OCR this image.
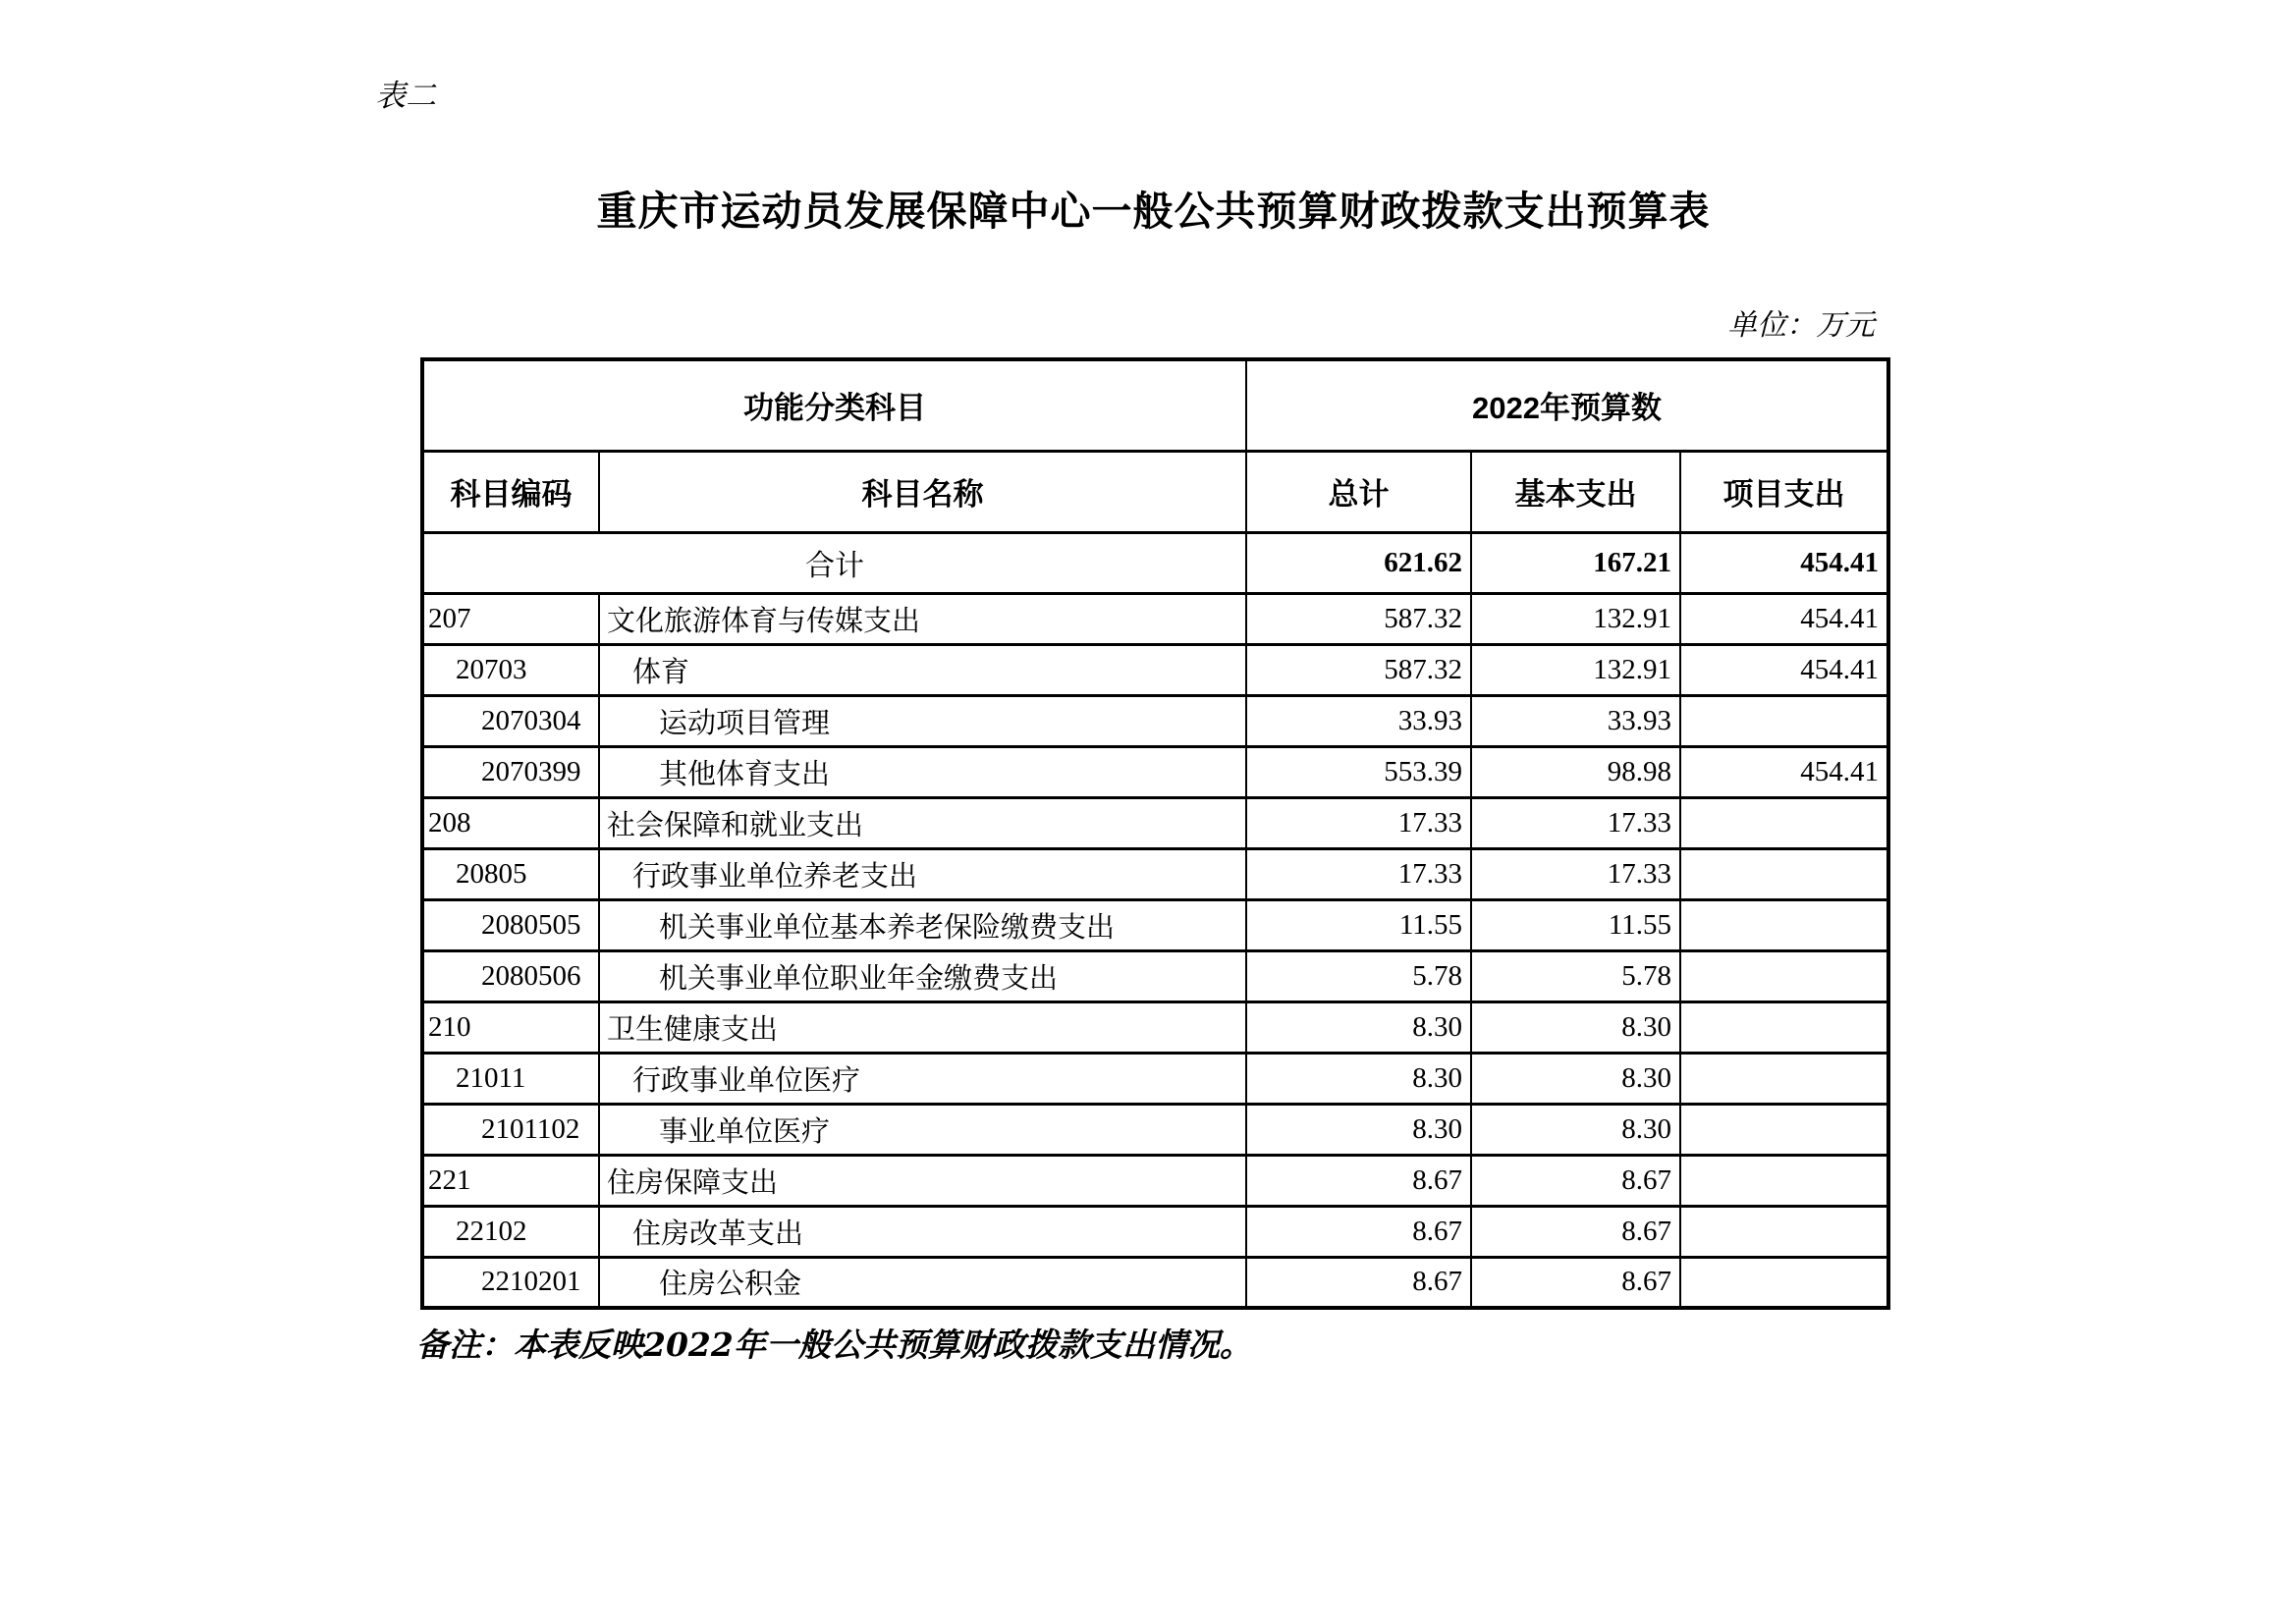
表二
重庆市运动员发展保障中心一般公共预算财政拨款支出预算表
单位：万元
功能分类科目		2022年预算数		
科目编码	科目名称	总计	基本支出	项目支出
合计		621.62	167.21	454.41
207	文化旅游体育与传媒支出	587.32	132.91	454.41
20703	体育	587.32	132.91	454.41
2070304	运动项目管理	33.93	33.93	
2070399	其他体育支出	553.39	98.98	454.41
208	社会保障和就业支出	17.33	17.33	
20805	行政事业单位养老支出	17.33	17.33	
2080505	机关事业单位基本养老保险缴费支出	11.55	11.55	
2080506	机关事业单位职业年金缴费支出	5.78	5.78	
210	卫生健康支出	8.30	8.30	
21011	行政事业单位医疗	8.30	8.30	
2101102	事业单位医疗	8.30	8.30	
221	住房保障支出	8.67	8.67	
22102	住房改革支出	8.67	8.67	
2210201	住房公积金	8.67	8.67	
备注：本表反映2022年一般公共预算财政拨款支出情况。
